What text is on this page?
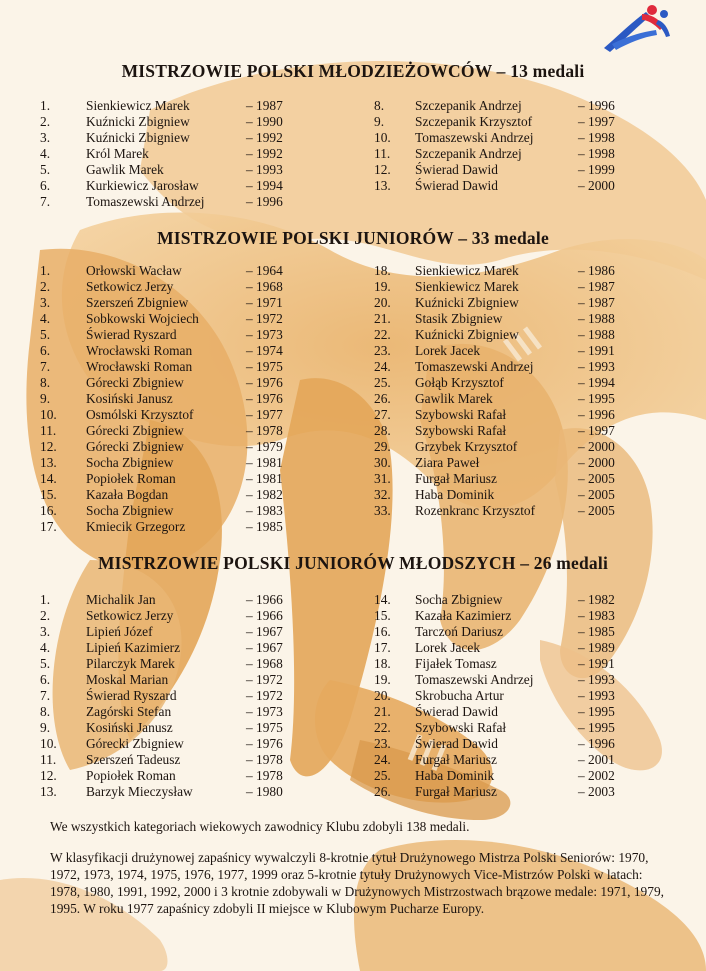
MISTRZOWIE POLSKI MŁODZIEŻOWCÓW – 13 medali
1.	Sienkiewicz Marek	– 1987
2.	Kuźnicki Zbigniew	– 1990
3.	Kuźnicki Zbigniew	– 1992
4.	Król Marek	– 1992
5.	Gawlik Marek	– 1993
6.	Kurkiewicz Jarosław	– 1994
7.	Tomaszewski Andrzej	– 1996
8.	Szczepanik Andrzej	– 1996
9.	Szczepanik Krzysztof	– 1997
10.	Tomaszewski Andrzej	– 1998
11.	Szczepanik Andrzej	– 1998
12.	Świerad Dawid	– 1999
13.	Świerad Dawid	– 2000
MISTRZOWIE POLSKI JUNIORÓW – 33 medale
1.	Orłowski Wacław	– 1964
2.	Setkowicz Jerzy	– 1968
3.	Szerszeń Zbigniew	– 1971
4.	Sobkowski Wojciech	– 1972
5.	Świerad Ryszard	– 1973
6.	Wrocławski Roman	– 1974
7.	Wrocławski Roman	– 1975
8.	Górecki Zbigniew	– 1976
9.	Kosiński Janusz	– 1976
10.	Osmólski Krzysztof	– 1977
11.	Górecki Zbigniew	– 1978
12.	Górecki Zbigniew	– 1979
13.	Socha Zbigniew	– 1981
14.	Popiołek Roman	– 1981
15.	Kazała Bogdan	– 1982
16.	Socha Zbigniew	– 1983
17.	Kmiecik Grzegorz	– 1985
18.	Sienkiewicz Marek	– 1986
19.	Sienkiewicz Marek	– 1987
20.	Kuźnicki Zbigniew	– 1987
21.	Stasik Zbigniew	– 1988
22.	Kuźnicki Zbigniew	– 1988
23.	Lorek Jacek	– 1991
24.	Tomaszewski Andrzej	– 1993
25.	Gołąb Krzysztof	– 1994
26.	Gawlik Marek	– 1995
27.	Szybowski Rafał	– 1996
28.	Szybowski Rafał	– 1997
29.	Grzybek Krzysztof	– 2000
30.	Ziara Paweł	– 2000
31.	Furgał Mariusz	– 2005
32.	Haba Dominik	– 2005
33.	Rozenkranc Krzysztof	– 2005
MISTRZOWIE POLSKI JUNIORÓW MŁODSZYCH – 26 medali
1.	Michalik Jan	– 1966
2.	Setkowicz Jerzy	– 1966
3.	Lipień Józef	– 1967
4.	Lipień Kazimierz	– 1967
5.	Pilarczyk Marek	– 1968
6.	Moskal Marian	– 1972
7.	Świerad Ryszard	– 1972
8.	Zagórski Stefan	– 1973
9.	Kosiński Janusz	– 1975
10.	Górecki Zbigniew	– 1976
11.	Szerszeń Tadeusz	– 1978
12.	Popiołek Roman	– 1978
13.	Barzyk Mieczysław	– 1980
14.	Socha Zbigniew	– 1982
15.	Kazała Kazimierz	– 1983
16.	Tarczoń Dariusz	– 1985
17.	Lorek Jacek	– 1989
18.	Fijałek Tomasz	– 1991
19.	Tomaszewski Andrzej	– 1993
20.	Skrobucha Artur	– 1993
21.	Świerad Dawid	– 1995
22.	Szybowski Rafał	– 1995
23.	Świerad Dawid	– 1996
24.	Furgał Mariusz	– 2001
25.	Haba Dominik	– 2002
26.	Furgał Mariusz	– 2003
We wszystkich kategoriach wiekowych zawodnicy Klubu zdobyli 138 medali.
W klasyfikacji drużynowej zapaśnicy wywalczyli 8-krotnie tytuł Drużynowego Mistrza Polski Seniorów: 1970, 1972, 1973, 1974, 1975, 1976, 1977, 1999 oraz 5-krotnie tytuły Drużynowych Vice-Mistrzów Polski w latach: 1978, 1980, 1991, 1992, 2000 i 3 krotnie zdobywali w Drużynowych Mistrzostwach brązowe medale: 1971, 1979, 1995. W roku 1977 zapaśnicy zdobyli II miejsce w Klubowym Pucharze Europy.
